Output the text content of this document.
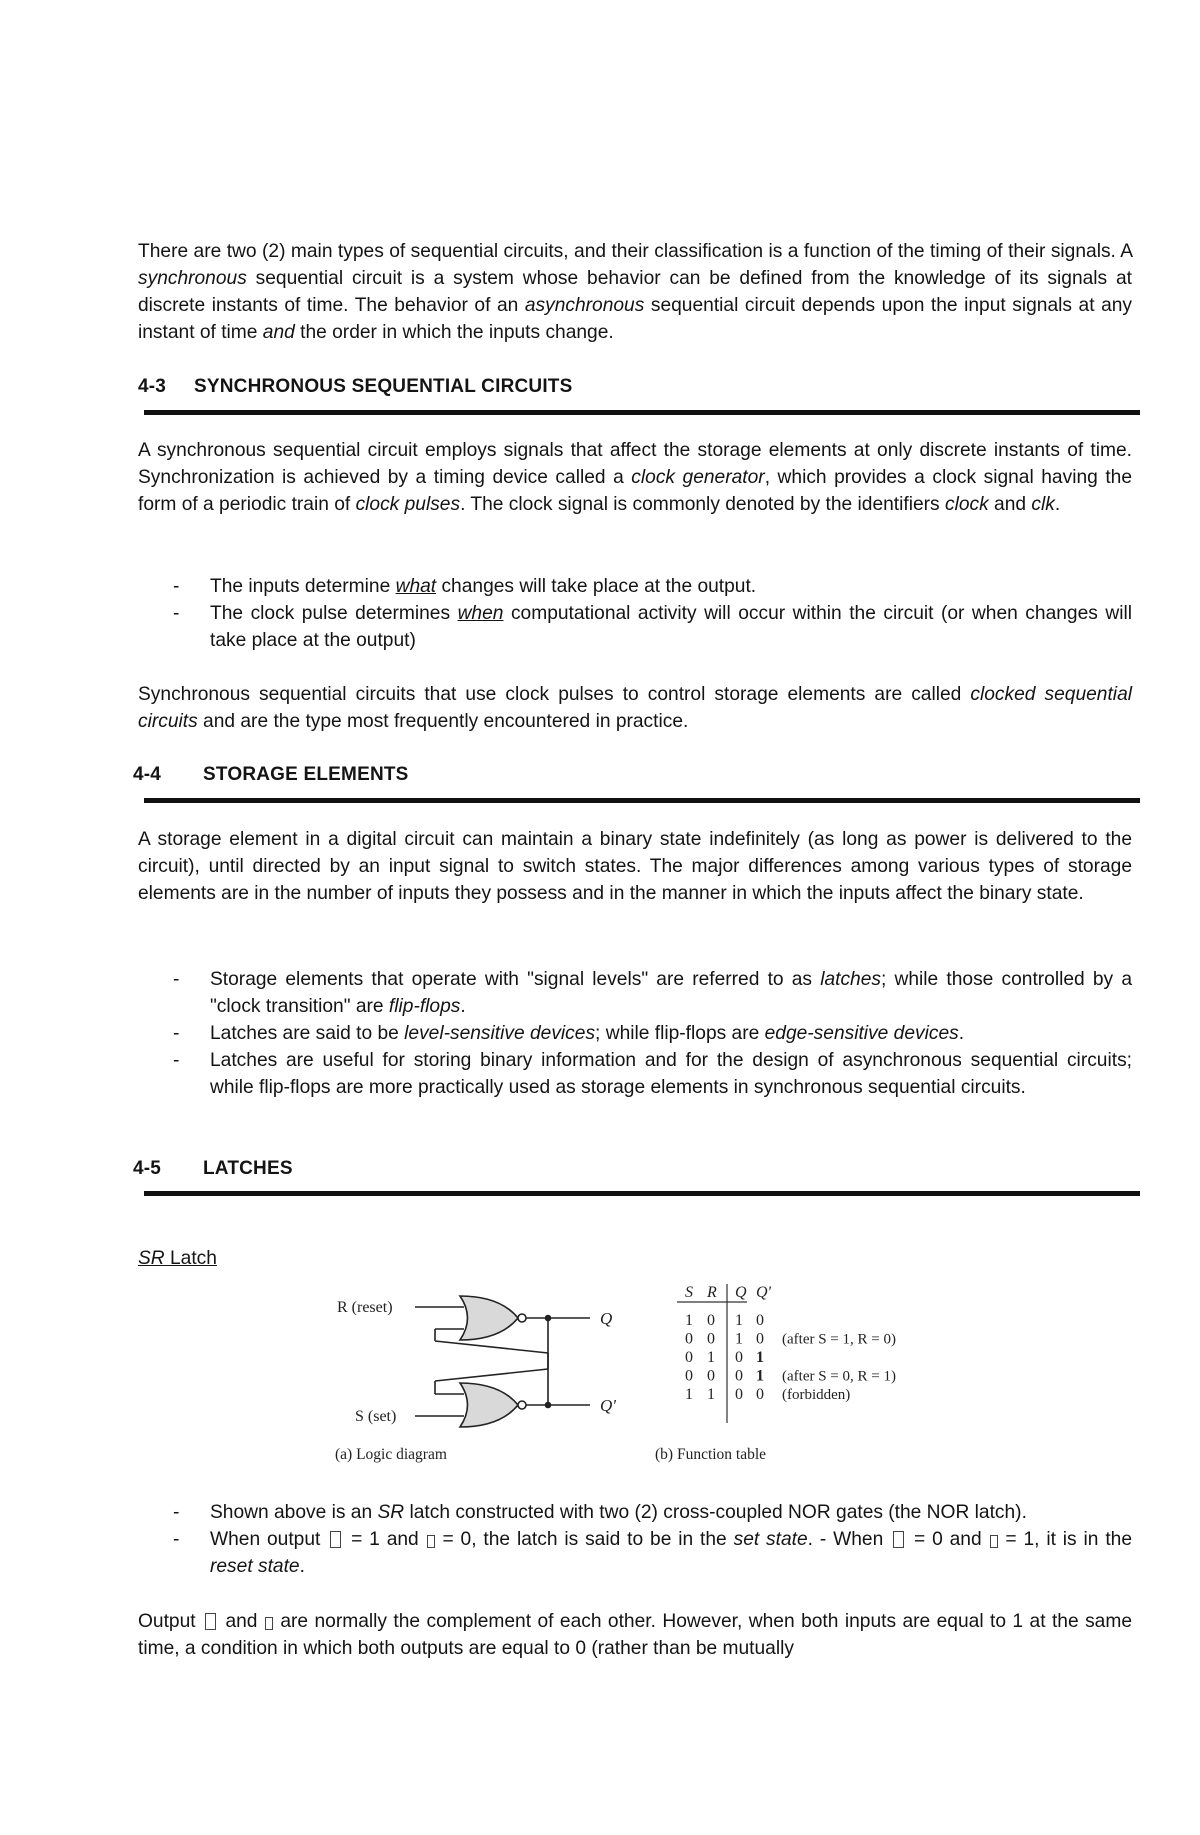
There are two (2) main types of sequential circuits, and their classification is a function of the timing of their signals. A synchronous sequential circuit is a system whose behavior can be defined from the knowledge of its signals at discrete instants of time. The behavior of an asynchronous sequential circuit depends upon the input signals at any instant of time and the order in which the inputs change.

4-3 SYNCHRONOUS SEQUENTIAL CIRCUITS

A synchronous sequential circuit employs signals that affect the storage elements at only discrete instants of time. Synchronization is achieved by a timing device called a clock generator, which provides a clock signal having the form of a periodic train of clock pulses. The clock signal is commonly denoted by the identifiers clock and clk.

- The inputs determine what changes will take place at the output.
- The clock pulse determines when computational activity will occur within the circuit (or when changes will take place at the output)

Synchronous sequential circuits that use clock pulses to control storage elements are called clocked sequential circuits and are the type most frequently encountered in practice.

4-4 STORAGE ELEMENTS

A storage element in a digital circuit can maintain a binary state indefinitely (as long as power is delivered to the circuit), until directed by an input signal to switch states. The major differences among various types of storage elements are in the number of inputs they possess and in the manner in which the inputs affect the binary state.

- Storage elements that operate with "signal levels" are referred to as latches; while those controlled by a "clock transition" are flip-flops.
- Latches are said to be level-sensitive devices; while flip-flops are edge-sensitive devices.
- Latches are useful for storing binary information and for the design of asynchronous sequential circuits; while flip-flops are more practically used as storage elements in synchronous sequential circuits.
4-5 LATCHES

SR Latch

R (reset)
S (set)
Q
Q'
(a) Logic diagram
S R Q Q'
1 0 1 0
0 0 1 0 (after S = 1, R = 0)
0 1 0 1
0 0 0 1 (after S = 0, R = 1)
1 1 0 0 (forbidden)
(b) Function table
- Shown above is an SR latch constructed with two (2) cross-coupled NOR gates (the NOR latch).
- When output  = 1 and  = 0, the latch is said to be in the set state. - When  = 0 and  = 1, it is in the reset state.

Output  and  are normally the complement of each other. However, when both inputs are equal to 1 at the same time, a condition in which both outputs are equal to 0 (rather than be mutually
